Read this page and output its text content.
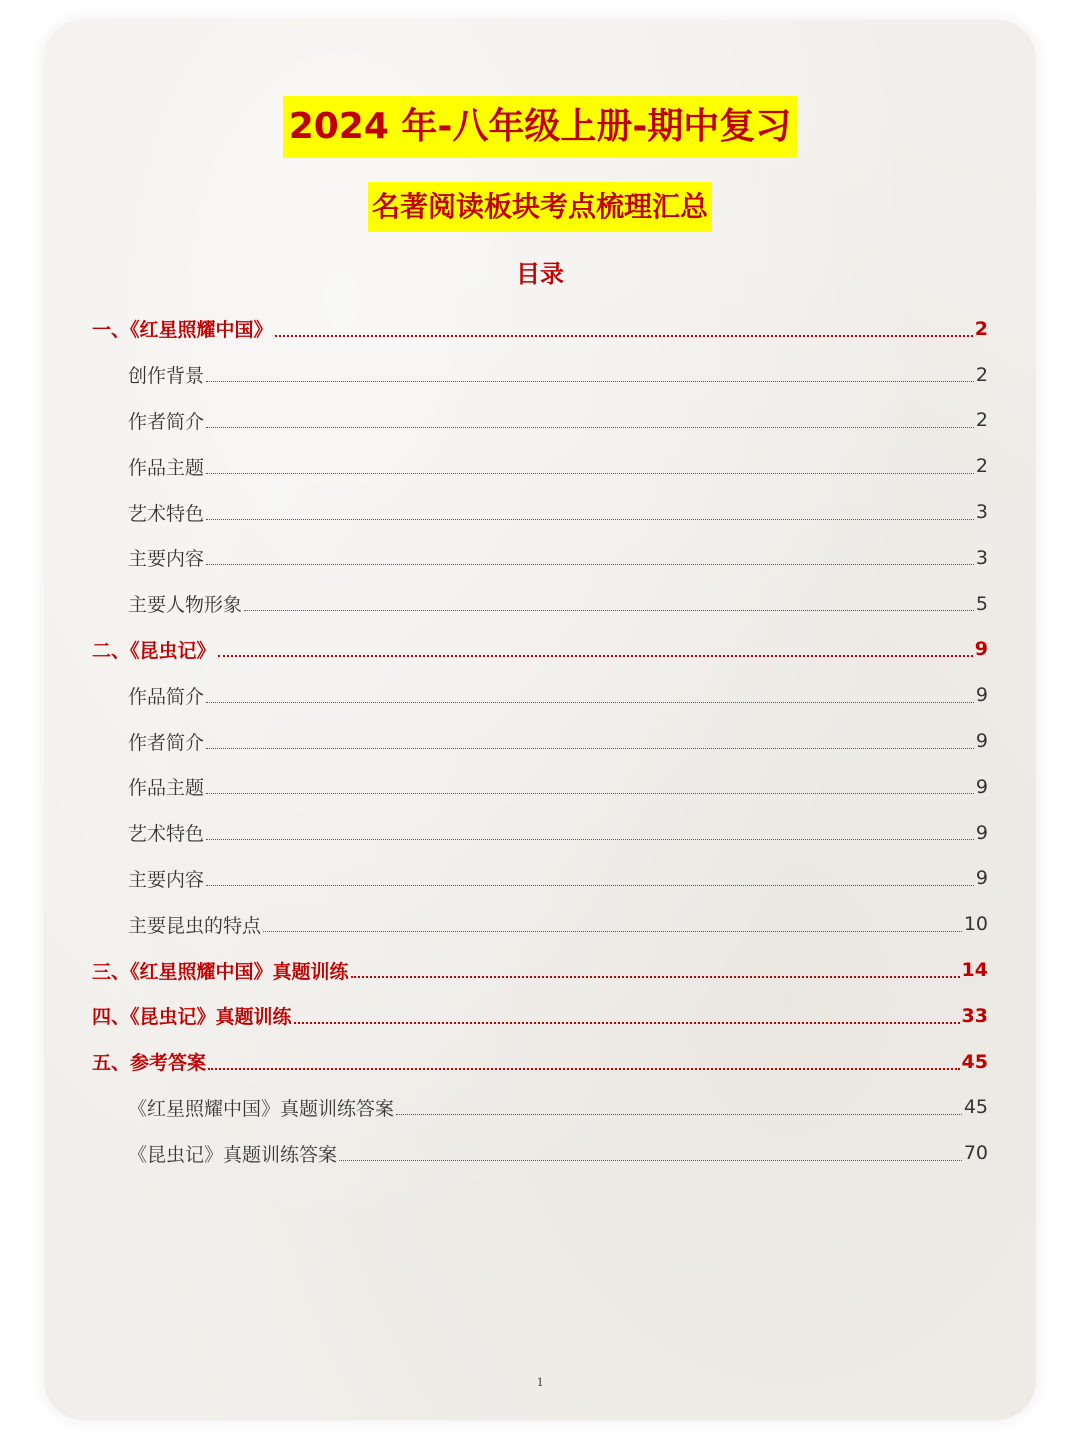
2024 年-八年级上册-期中复习
名著阅读板块考点梳理汇总
目录
一、《红星照耀中国》	2
创作背景	2
作者简介	2
作品主题	2
艺术特色	3
主要内容	3
主要人物形象	5
二、《昆虫记》	9
作品简介	9
作者简介	9
作品主题	9
艺术特色	9
主要内容	9
主要昆虫的特点	10
三、《红星照耀中国》真题训练	14
四、《昆虫记》真题训练	33
五、参考答案	45
《红星照耀中国》真题训练答案	45
《昆虫记》真题训练答案	70
1
